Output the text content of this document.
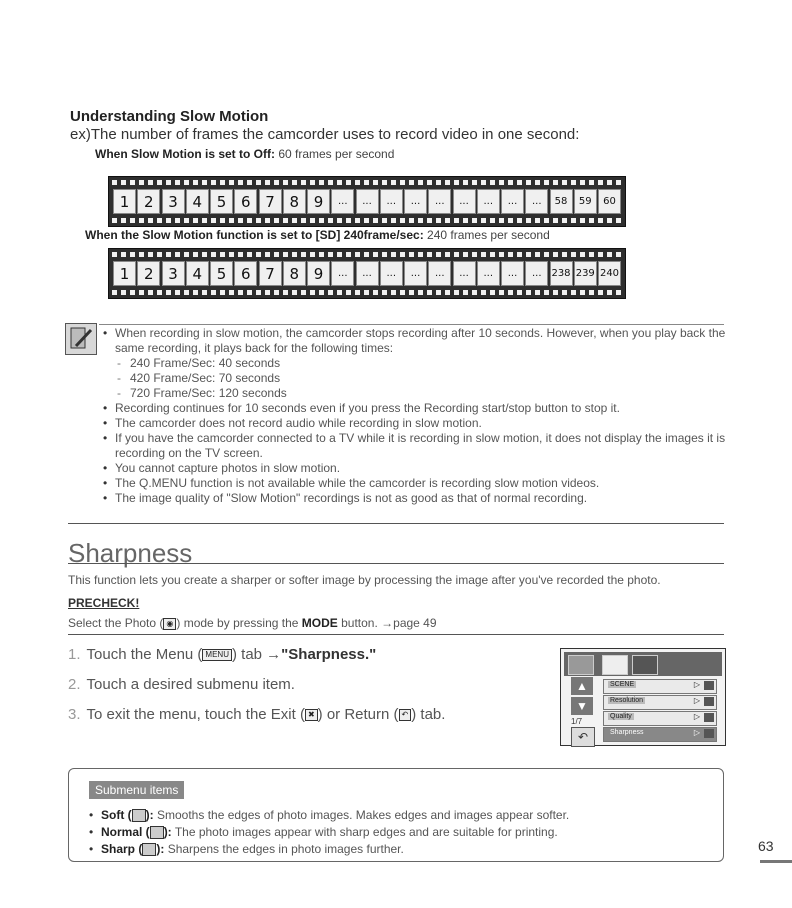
Understanding Slow Motion
ex)The number of frames the camcorder uses to record video in one second:
When Slow Motion is set to Off: 60 frames per second
1 2 3 4 5 6 7 8 9	...	...	...	...	...	...	...	...	...	58	59	60
When the Slow Motion function is set to [SD] 240frame/sec: 240 frames per second
1 2 3 4 5 6 7 8 9	...	...	...	...	...	...	...	...	... 238 239 240
• When recording in slow motion, the camcorder stops recording after 10 seconds. However, when you play back the same recording, it plays back for the following times:
- 240 Frame/Sec: 40 seconds
- 420 Frame/Sec: 70 seconds
- 720 Frame/Sec: 120 seconds
• Recording continues for 10 seconds even if you press the Recording start/stop button to stop it.
• The camcorder does not record audio while recording in slow motion.
• If you have the camcorder connected to a TV while it is recording in slow motion, it does not display the images it is recording on the TV screen.
• You cannot capture photos in slow motion.
• The Q.MENU function is not available while the camcorder is recording slow motion videos.
• The image quality of "Slow Motion" recordings is not as good as that of normal recording.
Sharpness
This function lets you create a sharper or softer image by processing the image after you've recorded the photo.
PRECHECK!
Select the Photo ( ◉ ) mode by pressing the MODE button. →page 49
1. Touch the Menu ( MENU ) tab →"Sharpness."
2. Touch a desired submenu item.
3. To exit the menu, touch the Exit ( ✖ ) or Return ( ↶ ) tab.
▲
▼
1/7
↶
SCENE	▷
Resolution	▷
Quality	▷
Sharpness	▷
Submenu items
• Soft ( ): Smooths the edges of photo images. Makes edges and images appear softer.
• Normal ( ): The photo images appear with sharp edges and are suitable for printing.
• Sharp ( ): Sharpens the edges in photo images further.	63
